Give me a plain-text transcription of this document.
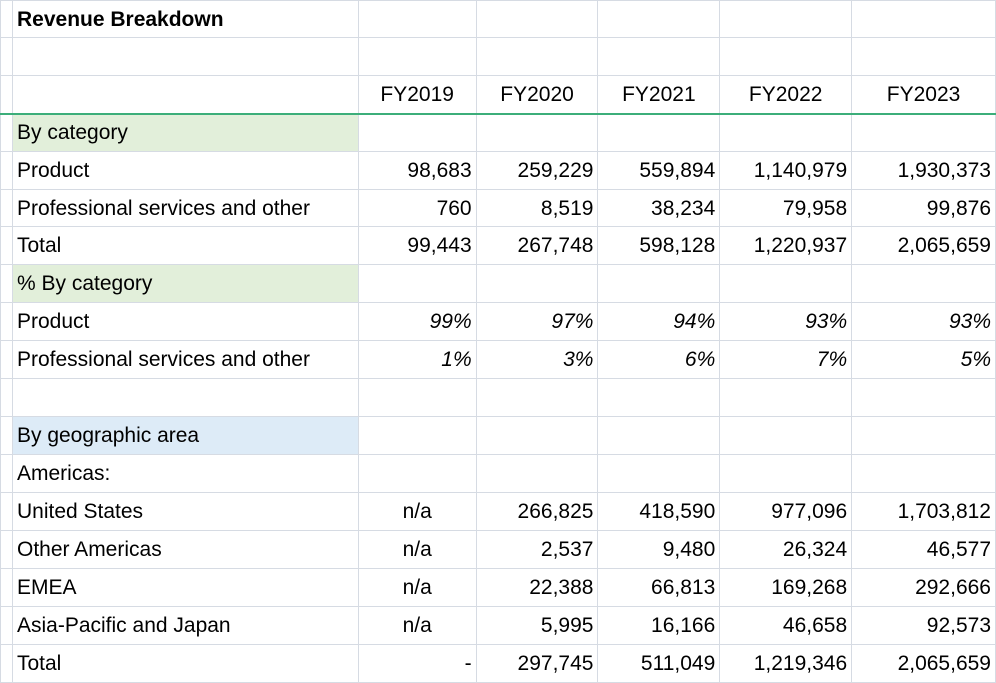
	Revenue Breakdown					

		FY2019	FY2020	FY2021	FY2022	FY2023
	By category					
	Product	98,683	259,229	559,894	1,140,979	1,930,373
	Professional services and other	760	8,519	38,234	79,958	99,876
	Total	99,443	267,748	598,128	1,220,937	2,065,659
	% By category					
	Product	99%	97%	94%	93%	93%
	Professional services and other	1%	3%	6%	7%	5%

	By geographic area					
	Americas:					
	United States	n/a	266,825	418,590	977,096	1,703,812
	Other Americas	n/a	2,537	9,480	26,324	46,577
	EMEA	n/a	22,388	66,813	169,268	292,666
	Asia-Pacific and Japan	n/a	5,995	16,166	46,658	92,573
	Total	-	297,745	511,049	1,219,346	2,065,659
